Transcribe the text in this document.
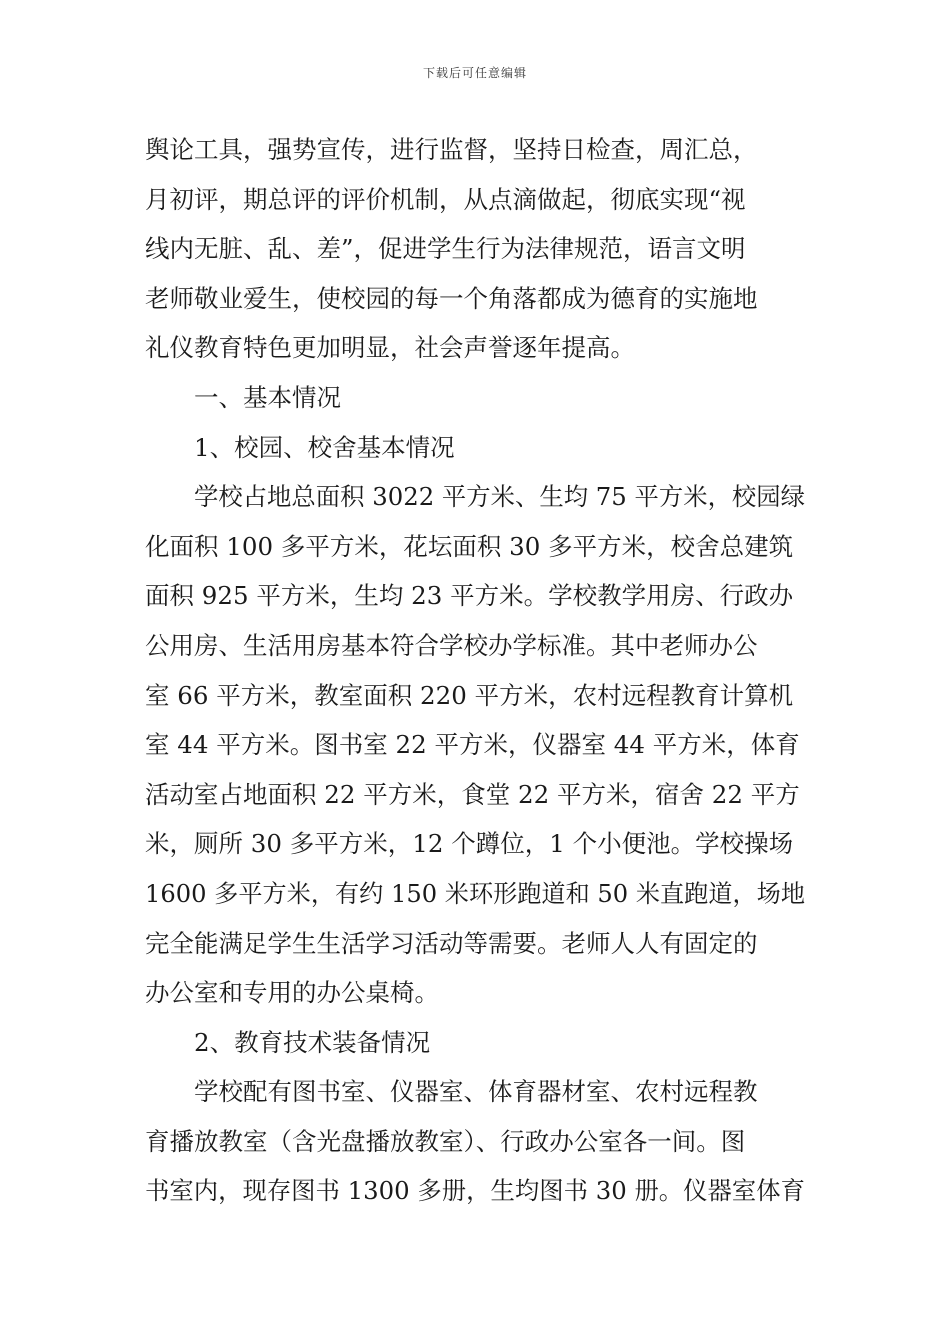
下载后可任意编辑
舆论工具，强势宣传，进行监督，坚持日检查，周汇总，
月初评，期总评的评价机制，从点滴做起，彻底实现“视
线内无脏、乱、差”，促进学生行为法律规范，语言文明
老师敬业爱生，使校园的每一个角落都成为德育的实施地
礼仪教育特色更加明显，社会声誉逐年提高。
一、基本情况
1、校园、校舍基本情况
学校占地总面积 3022 平方米、生均 75 平方米，校园绿
化面积 100 多平方米，花坛面积 30 多平方米，校舍总建筑
面积 925 平方米，生均 23 平方米。学校教学用房、行政办
公用房、生活用房基本符合学校办学标准。其中老师办公
室 66 平方米，教室面积 220 平方米，农村远程教育计算机
室 44 平方米。图书室 22 平方米，仪器室 44 平方米，体育
活动室占地面积 22 平方米，食堂 22 平方米，宿舍 22 平方
米，厕所 30 多平方米，12 个蹲位，1 个小便池。学校操场
1600 多平方米，有约 150 米环形跑道和 50 米直跑道，场地
完全能满足学生生活学习活动等需要。老师人人有固定的
办公室和专用的办公桌椅。
2、教育技术装备情况
学校配有图书室、仪器室、体育器材室、农村远程教
育播放教室（含光盘播放教室）、行政办公室各一间。图
书室内，现存图书 1300 多册，生均图书 30 册。仪器室体育
